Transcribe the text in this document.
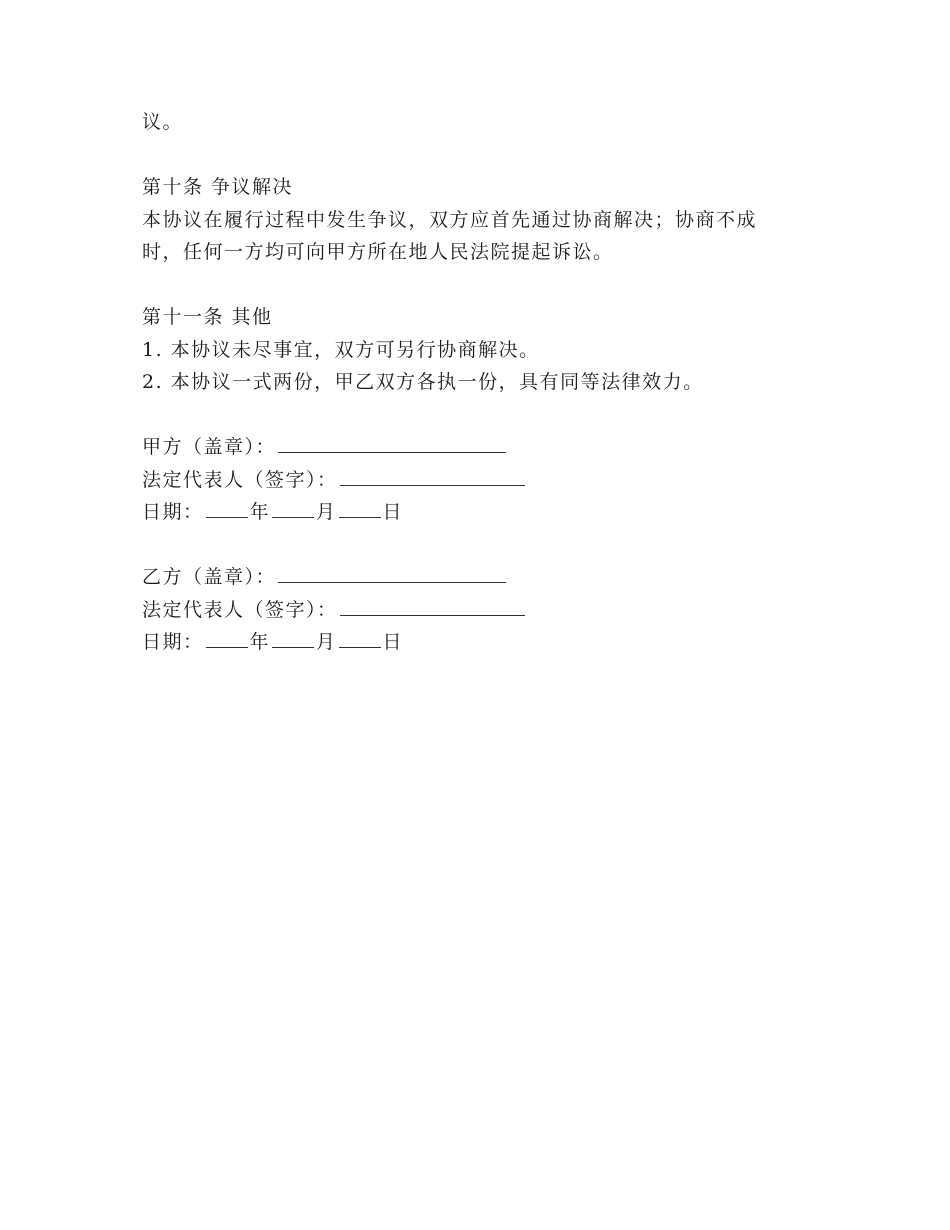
议。
第十条 争议解决
本协议在履行过程中发生争议，双方应首先通过协商解决；协商不成
时，任何一方均可向甲方所在地人民法院提起诉讼。
第十一条 其他
1. 本协议未尽事宜，双方可另行协商解决。
2. 本协议一式两份，甲乙双方各执一份，具有同等法律效力。
甲方（盖章）：
法定代表人（签字）：
日期： 年 月 日
乙方（盖章）：
法定代表人（签字）：
日期： 年 月 日
